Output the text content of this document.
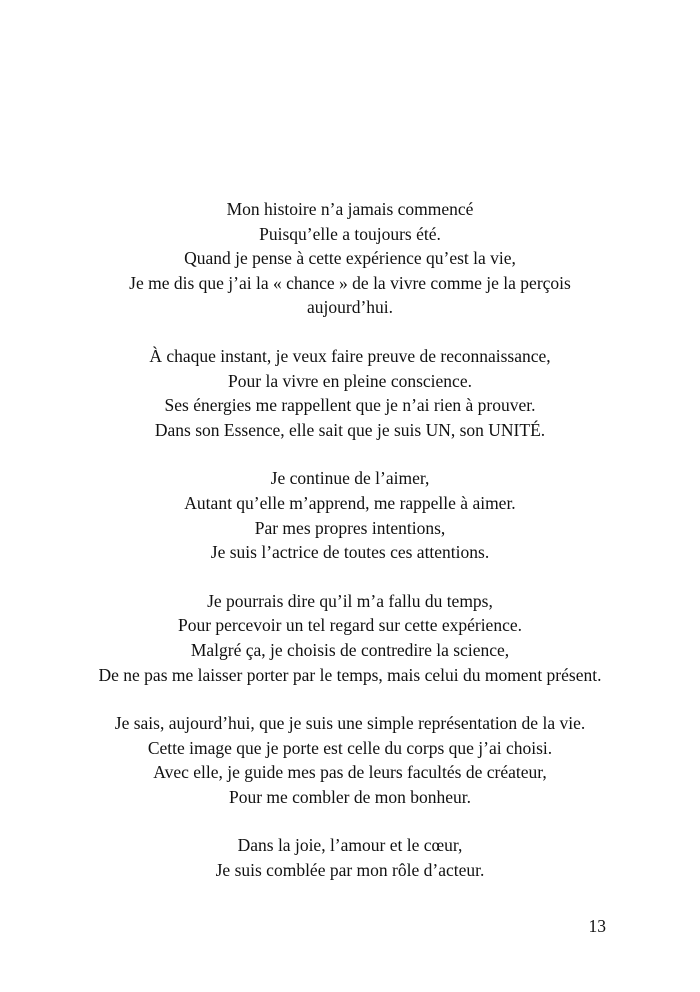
Mon histoire n’a jamais commencé
Puisqu’elle a toujours été.
Quand je pense à cette expérience qu’est la vie,
Je me dis que j’ai la « chance » de la vivre comme je la perçois
aujourd’hui.
À chaque instant, je veux faire preuve de reconnaissance,
Pour la vivre en pleine conscience.
Ses énergies me rappellent que je n’ai rien à prouver.
Dans son Essence, elle sait que je suis UN, son UNITÉ.
Je continue de l’aimer,
Autant qu’elle m’apprend, me rappelle à aimer.
Par mes propres intentions,
Je suis l’actrice de toutes ces attentions.
Je pourrais dire qu’il m’a fallu du temps,
Pour percevoir un tel regard sur cette expérience.
Malgré ça, je choisis de contredire la science,
De ne pas me laisser porter par le temps, mais celui du moment présent.
Je sais, aujourd’hui, que je suis une simple représentation de la vie.
Cette image que je porte est celle du corps que j’ai choisi.
Avec elle, je guide mes pas de leurs facultés de créateur,
Pour me combler de mon bonheur.
Dans la joie, l’amour et le cœur,
Je suis comblée par mon rôle d’acteur.
13
